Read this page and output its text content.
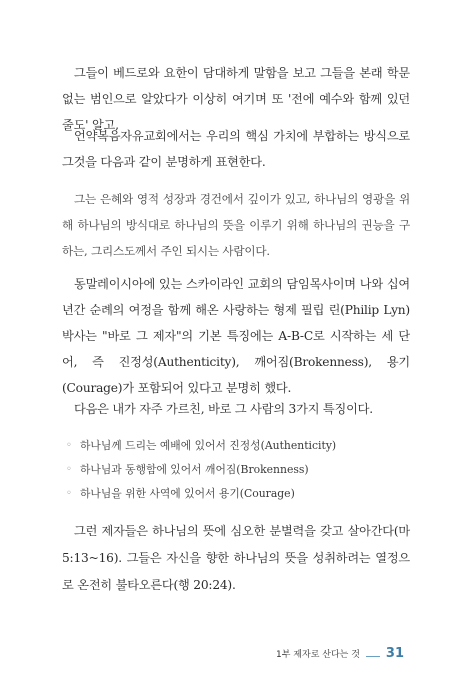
그들이 베드로와 요한이 담대하게 말함을 보고 그들을 본래 학문 없는 범인으로 알았다가 이상히 여기며 또 '전에 예수와 함께 있던 줄도' 알고,

언약복음자유교회에서는 우리의 핵심 가치에 부합하는 방식으로 그것을 다음과 같이 분명하게 표현한다.

그는 은혜와 영적 성장과 경건에서 깊이가 있고, 하나님의 영광을 위해 하나님의 방식대로 하나님의 뜻을 이루기 위해 하나님의 권능을 구하는, 그리스도께서 주인 되시는 사람이다.

동말레이시아에 있는 스카이라인 교회의 담임목사이며 나와 십여 년간 순례의 여정을 함께 해온 사랑하는 형제 필립 린(Philip Lyn) 박사는 "바로 그 제자"의 기본 특징에는 A-B-C로 시작하는 세 단어, 즉 진정성(Authenticity), 깨어짐(Brokenness), 용기(Courage)가 포함되어 있다고 분명히 했다.

다음은 내가 자주 가르친, 바로 그 사람의 3가지 특징이다.

◦ 하나님께 드리는 예배에 있어서 진정성(Authenticity)
◦ 하나님과 동행함에 있어서 깨어짐(Brokenness)
◦ 하나님을 위한 사역에 있어서 용기(Courage)

그런 제자들은 하나님의 뜻에 심오한 분별력을 갖고 살아간다(마 5:13~16). 그들은 자신을 향한 하나님의 뜻을 성취하려는 열정으로 온전히 불타오른다(행 20:24).

1부 제자로 산다는 것 31
